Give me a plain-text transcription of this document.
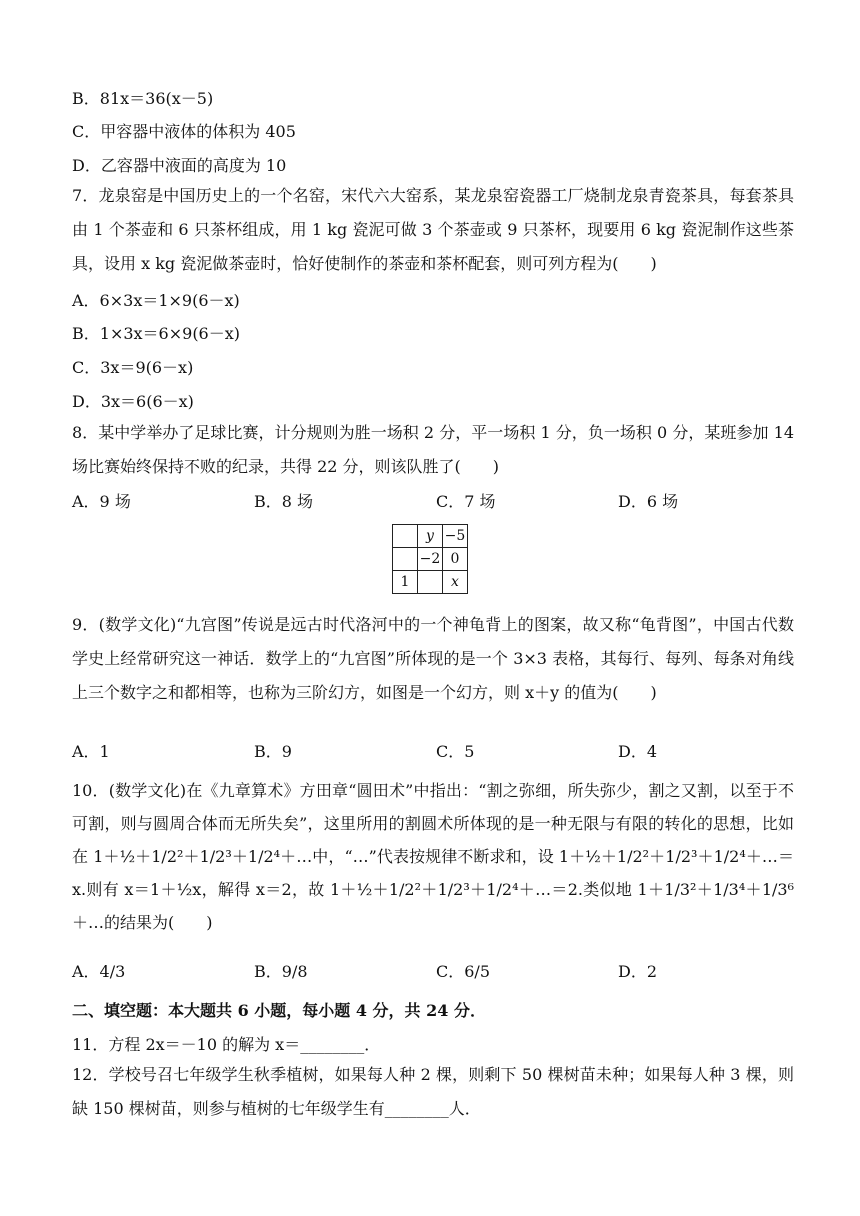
B．81x＝36(x－5)
C．甲容器中液体的体积为 405
D．乙容器中液面的高度为 10
7．龙泉窑是中国历史上的一个名窑，宋代六大窑系，某龙泉窑瓷器工厂烧制龙泉青瓷茶具，每套茶具由 1 个茶壶和 6 只茶杯组成，用 1 kg 瓷泥可做 3 个茶壶或 9 只茶杯，现要用 6 kg 瓷泥制作这些茶具，设用 x kg 瓷泥做茶壶时，恰好使制作的茶壶和茶杯配套，则可列方程为(　　)
A．6×3x＝1×9(6－x)
B．1×3x＝6×9(6－x)
C．3x＝9(6－x)
D．3x＝6(6－x)
8．某中学举办了足球比赛，计分规则为胜一场积 2 分，平一场积 1 分，负一场积 0 分，某班参加 14 场比赛始终保持不败的纪录，共得 22 分，则该队胜了(　　)
A．9 场	B．8 场	C．7 场	D．6 场
	y	−5
	−2	0
1		x
9．(数学文化)“九宫图”传说是远古时代洛河中的一个神龟背上的图案，故又称“龟背图”，中国古代数学史上经常研究这一神话．数学上的“九宫图”所体现的是一个 3×3 表格，其每行、每列、每条对角线上三个数字之和都相等，也称为三阶幻方，如图是一个幻方，则 x＋y 的值为(　　)
A．1	B．9	C．5	D．4
10．(数学文化)在《九章算术》方田章“圆田术”中指出：“割之弥细，所失弥少，割之又割，以至于不可割，则与圆周合体而无所失矣”，这里所用的割圆术所体现的是一种无限与有限的转化的思想，比如在 1＋½＋1/2²＋1/2³＋1/2⁴＋…中，“…”代表按规律不断求和，设 1＋½＋1/2²＋1/2³＋1/2⁴＋…＝x.则有 x＝1＋½x，解得 x＝2，故 1＋½＋1/2²＋1/2³＋1/2⁴＋…＝2.类似地 1＋1/3²＋1/3⁴＋1/3⁶＋…的结果为(　　)
A．4/3	B．9/8	C．6/5	D．2
二、填空题：本大题共 6 小题，每小题 4 分，共 24 分．
11．方程 2x＝－10 的解为 x＝________．
12．学校号召七年级学生秋季植树，如果每人种 2 棵，则剩下 50 棵树苗未种；如果每人种 3 棵，则缺 150 棵树苗，则参与植树的七年级学生有________人．
